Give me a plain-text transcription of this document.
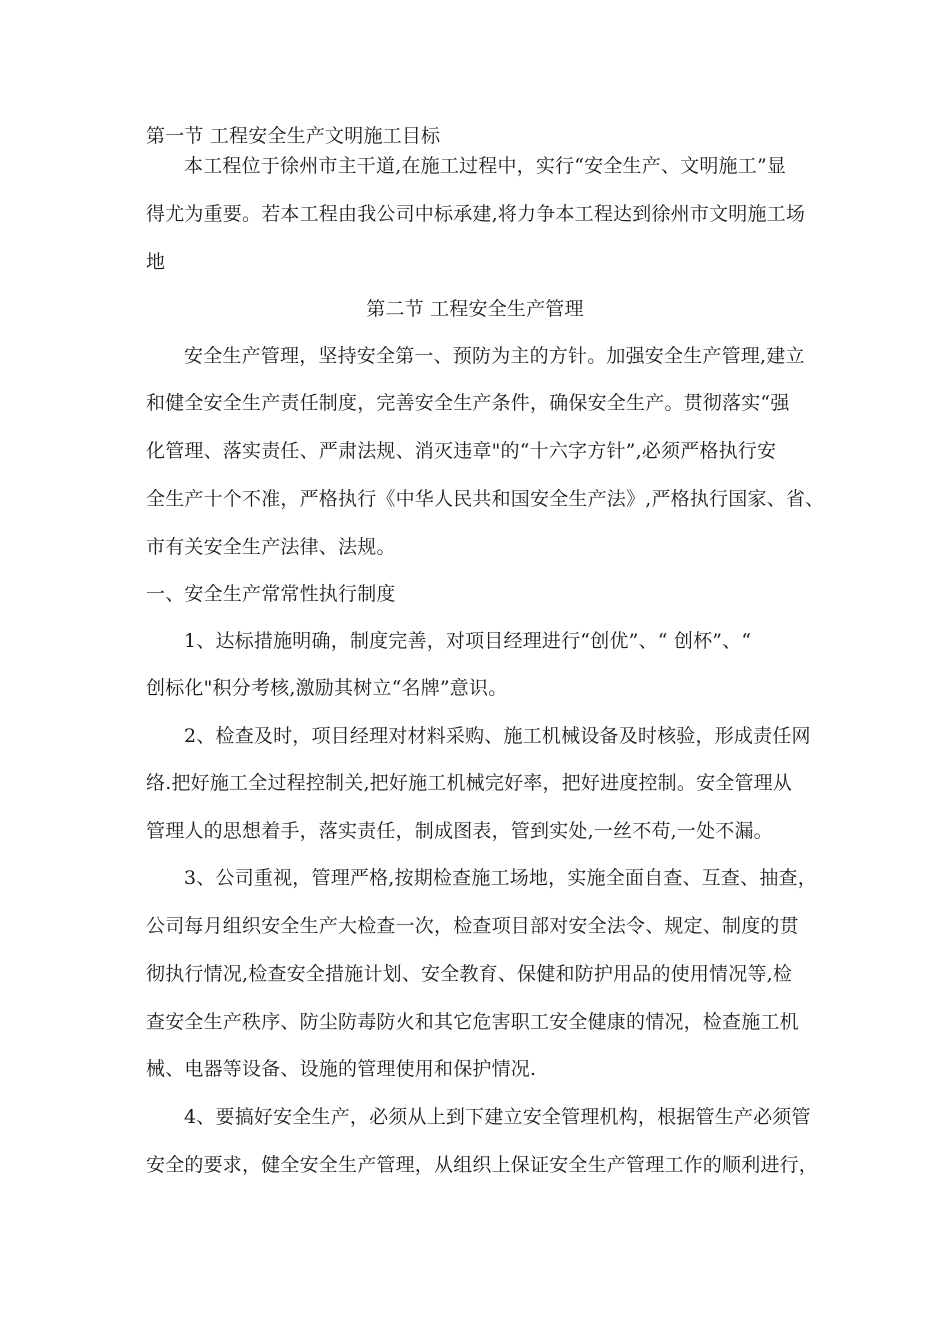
第一节 工程安全生产文明施工目标
本工程位于徐州市主干道,在施工过程中，实行“安全生产、文明施工”显
得尤为重要。若本工程由我公司中标承建,将力争本工程达到徐州市文明施工场
地
第二节 工程安全生产管理
安全生产管理，坚持安全第一、预防为主的方针。加强安全生产管理,建立
和健全安全生产责任制度，完善安全生产条件，确保安全生产。贯彻落实“强
化管理、落实责任、严肃法规、消灭违章"的“十六字方针”,必须严格执行安
全生产十个不准，严格执行《中华人民共和国安全生产法》,严格执行国家、省、
市有关安全生产法律、法规。
一、安全生产常常性执行制度
1、达标措施明确，制度完善，对项目经理进行“创优”、“ 创杯”、“
创标化"积分考核,激励其树立“名牌”意识。
2、检查及时，项目经理对材料采购、施工机械设备及时核验，形成责任网
络.把好施工全过程控制关,把好施工机械完好率，把好进度控制。安全管理从
管理人的思想着手，落实责任，制成图表，管到实处,一丝不苟,一处不漏。
3、公司重视，管理严格,按期检查施工场地，实施全面自查、互查、抽查，
公司每月组织安全生产大检查一次，检查项目部对安全法令、规定、制度的贯
彻执行情况,检查安全措施计划、安全教育、保健和防护用品的使用情况等,检
查安全生产秩序、防尘防毒防火和其它危害职工安全健康的情况，检查施工机
械、电器等设备、设施的管理使用和保护情况.
4、要搞好安全生产，必须从上到下建立安全管理机构，根据管生产必须管
安全的要求，健全安全生产管理，从组织上保证安全生产管理工作的顺利进行，
